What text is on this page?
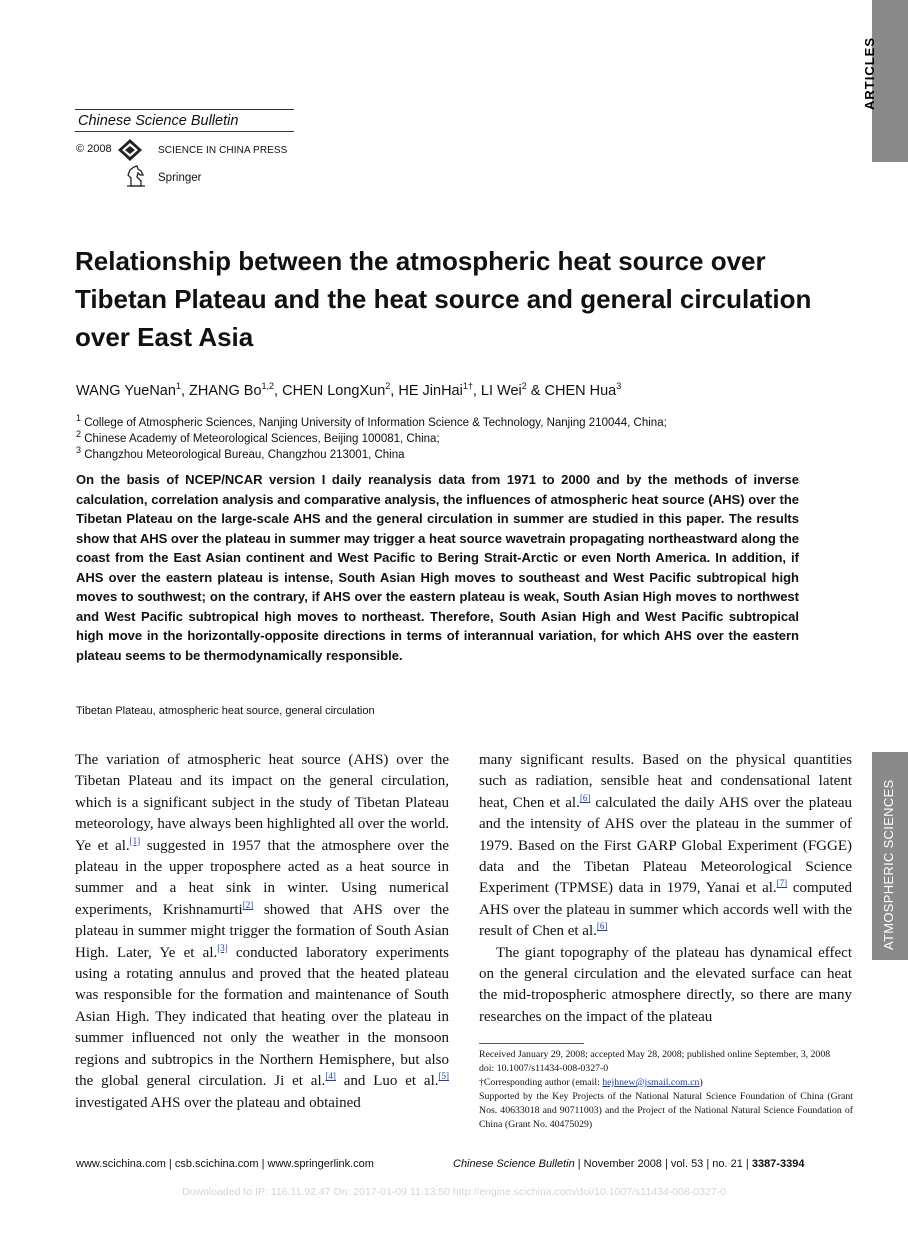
Chinese Science Bulletin
© 2008	SCIENCE IN CHINA PRESS
Springer
ARTICLES
ATMOSPHERIC SCIENCES
Relationship between the atmospheric heat source over Tibetan Plateau and the heat source and general circulation over East Asia
WANG YueNan$^1$, ZHANG Bo$^{1,2}$, CHEN LongXun$^2$, HE JinHai$^{1\dagger}$, LI Wei$^2$ & CHEN Hua$^3$
$^1$ College of Atmospheric Sciences, Nanjing University of Information Science & Technology, Nanjing 210044, China;
$^2$ Chinese Academy of Meteorological Sciences, Beijing 100081, China;
$^3$ Changzhou Meteorological Bureau, Changzhou 213001, China
On the basis of NCEP/NCAR version I daily reanalysis data from 1971 to 2000 and by the methods of inverse calculation, correlation analysis and comparative analysis, the influences of atmospheric heat source (AHS) over the Tibetan Plateau on the large-scale AHS and the general circulation in summer are studied in this paper. The results show that AHS over the plateau in summer may trigger a heat source wavetrain propagating northeastward along the coast from the East Asian continent and West Pacific to Bering Strait-Arctic or even North America. In addition, if AHS over the eastern plateau is intense, South Asian High moves to southeast and West Pacific subtropical high moves to southwest; on the contrary, if AHS over the eastern plateau is weak, South Asian High moves to northwest and West Pacific subtropical high moves to northeast. Therefore, South Asian High and West Pacific subtropical high move in the horizontally-opposite directions in terms of interannual variation, for which AHS over the eastern plateau seems to be thermodynamically responsible.
Tibetan Plateau, atmospheric heat source, general circulation

The variation of atmospheric heat source (AHS) over the Tibetan Plateau and its impact on the general circulation, which is a significant subject in the study of Tibetan Plateau meteorology, have always been highlighted all over the world. Ye et al.[1] suggested in 1957 that the atmosphere over the plateau in the upper troposphere acted as a heat source in summer and a heat sink in winter. Using numerical experiments, Krishnamurti[2] showed that AHS over the plateau in summer might trigger the formation of South Asian High. Later, Ye et al.[3] conducted laboratory experiments using a rotating annulus and proved that the heated plateau was responsible for the formation and maintenance of South Asian High. They indicated that heating over the plateau in summer influenced not only the weather in the monsoon regions and subtropics in the Northern Hemisphere, but also the global general circulation. Ji et al.[4] and Luo et al.[5] investigated AHS over the plateau and obtained

many significant results. Based on the physical quantities such as radiation, sensible heat and condensational latent heat, Chen et al.[6] calculated the daily AHS over the plateau and the intensity of AHS over the plateau in the summer of 1979. Based on the First GARP Global Experiment (FGGE) data and the Tibetan Plateau Meteorological Science Experiment (TPMSE) data in 1979, Yanai et al.[7] computed AHS over the plateau in summer which accords well with the result of Chen et al.[6]

The giant topography of the plateau has dynamical effect on the general circulation and the elevated surface can heat the mid-tropospheric atmosphere directly, so there are many researches on the impact of the plateau

Received January 29, 2008; accepted May 28, 2008; published online September, 3, 2008

doi: 10.1007/s11434-008-0327-0

†Corresponding author (email: hejhnew@jsmail.com.cn)

Supported by the Key Projects of the National Natural Science Foundation of China (Grant Nos. 40633018 and 90711003) and the Project of the National Natural Science Foundation of China (Grant No. 40475029)

www.scichina.com | csb.scichina.com | www.springerlink.com	Chinese Science Bulletin | November 2008 | vol. 53 | no. 21 | 3387-3394
Downloaded to IP: 116.11.92.47 On: 2017-01-09 11:13:50 http://engine.scichina.com/doi/10.1007/s11434-008-0327-0
